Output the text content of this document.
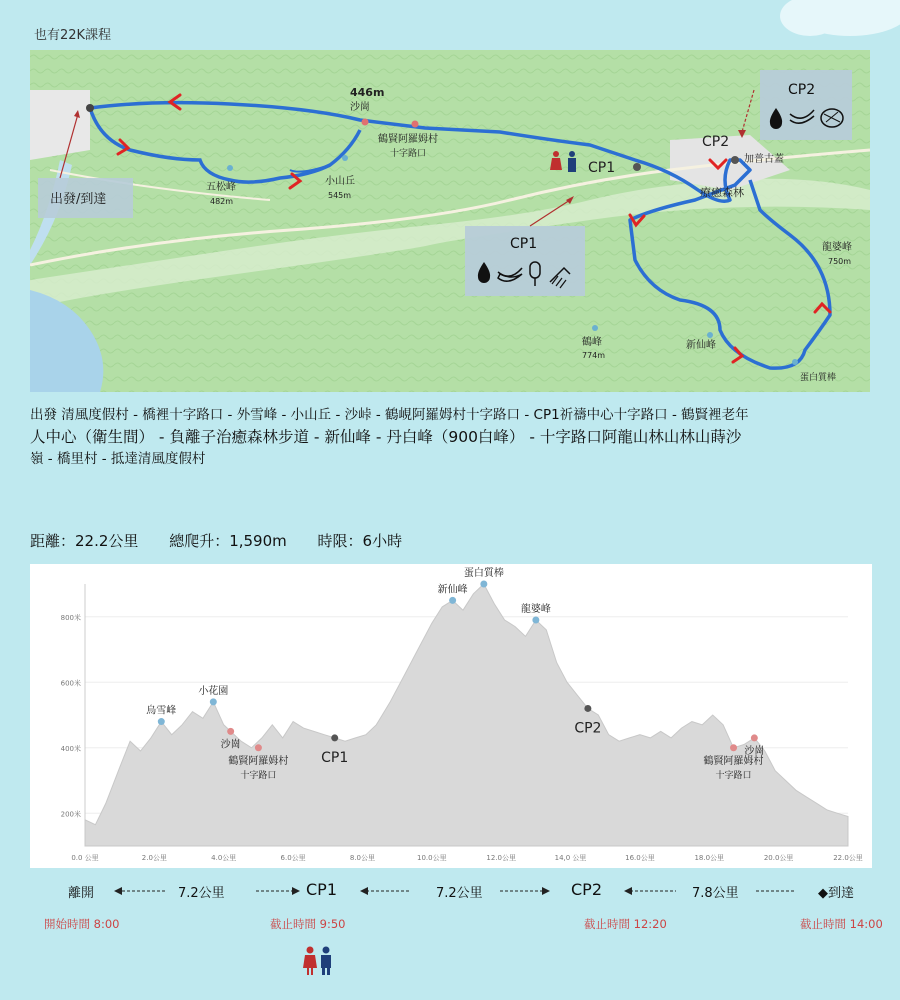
也有22K課程
446m
沙崗
鶴賢阿羅姆村
十字路口
五松峰
482m
小山丘
545m
CP1
CP2
加普古蓋
療癒森林
龍婆峰
750m
鶴峰
774m
新仙峰
蛋白質棒
出發/到達
CP1
CP2
出發 清風度假村 - 橋裡十字路口 - 外雪峰 - 小山丘 - 沙峠 - 鶴峴阿羅姆村十字路口 - CP1祈禱中心十字路口 - 鶴賢裡老年
人中心（衛生間） - 負離子治癒森林步道 - 新仙峰 - 丹白峰（900白峰） - 十字路口阿龍山林山林山蒔沙
嶺 - 橋里村 - 抵達清風度假村
距離：22.2公里 總爬升：1,590m 時限：6小時
200米
400米
600米
800米
0.0 公里	2.0公里	4.0公里	6.0公里	8.0公里	10.0公里	12.0公里	14,0 公里	16.0公里	18.0公里	20.0公里	22.0公里
烏雪峰
小花園
沙崗
鶴賢阿羅姆村
十字路口
CP1
新仙峰
蛋白質棒
龍婆峰
CP2
鶴賢阿羅姆村
十字路口
沙崗
離開	7.2公里	CP1	7.2公里	CP2	7.8公里	◆到達
開始時間 8:00	截止時間 9:50	截止時間 12:20	截止時間 14:00
